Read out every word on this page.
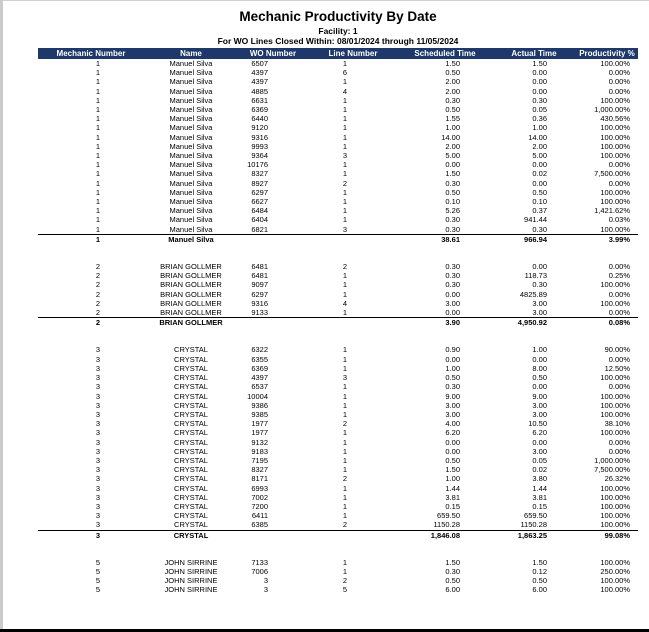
Mechanic Productivity By Date

Facility: 1

For WO Lines Closed Within: 08/01/2024 through 11/05/2024

Mechanic Number	Name	WO Number	Line Number	Scheduled Time	Actual Time	Productivity %
1	Manuel Silva	6507	1	1.50	1.50	100.00%
1	Manuel Silva	4397	6	0.50	0.00	0.00%
1	Manuel Silva	4397	1	2.00	0.00	0.00%
1	Manuel Silva	4885	4	2.00	0.00	0.00%
1	Manuel Silva	6631	1	0.30	0.30	100.00%
1	Manuel Silva	6369	1	0.50	0.05	1,000.00%
1	Manuel Silva	6440	1	1.55	0.36	430.56%
1	Manuel Silva	9120	1	1.00	1.00	100.00%
1	Manuel Silva	9316	1	14.00	14.00	100.00%
1	Manuel Silva	9993	1	2.00	2.00	100.00%
1	Manuel Silva	9364	3	5.00	5.00	100.00%
1	Manuel Silva	10176	1	0.00	0.00	0.00%
1	Manuel Silva	8327	1	1.50	0.02	7,500.00%
1	Manuel Silva	8927	2	0.30	0.00	0.00%
1	Manuel Silva	6297	1	0.50	0.50	100.00%
1	Manuel Silva	6627	1	0.10	0.10	100.00%
1	Manuel Silva	6484	1	5.26	0.37	1,421.62%
1	Manuel Silva	6404	1	0.30	941.44	0.03%
1	Manuel Silva	6821	3	0.30	0.30	100.00%
1	Manuel Silva			38.61	966.94	3.99%

2	BRIAN GOLLMER	6481	2	0.30	0.00	0.00%
2	BRIAN GOLLMER	6481	1	0.30	118.73	0.25%
2	BRIAN GOLLMER	9097	1	0.30	0.30	100.00%
2	BRIAN GOLLMER	6297	1	0.00	4825.89	0.00%
2	BRIAN GOLLMER	9316	4	3.00	3.00	100.00%
2	BRIAN GOLLMER	9133	1	0.00	3.00	0.00%
2	BRIAN GOLLMER			3.90	4,950.92	0.08%

3	CRYSTAL	6322	1	0.90	1.00	90.00%
3	CRYSTAL	6355	1	0.00	0.00	0.00%
3	CRYSTAL	6369	1	1.00	8.00	12.50%
3	CRYSTAL	4397	3	0.50	0.50	100.00%
3	CRYSTAL	6537	1	0.30	0.00	0.00%
3	CRYSTAL	10004	1	9.00	9.00	100.00%
3	CRYSTAL	9386	1	3.00	3.00	100.00%
3	CRYSTAL	9385	1	3.00	3.00	100.00%
3	CRYSTAL	1977	2	4.00	10.50	38.10%
3	CRYSTAL	1977	1	6.20	6.20	100.00%
3	CRYSTAL	9132	1	0.00	0.00	0.00%
3	CRYSTAL	9183	1	0.00	3.00	0.00%
3	CRYSTAL	7195	1	0.50	0.05	1,000.00%
3	CRYSTAL	8327	1	1.50	0.02	7,500.00%
3	CRYSTAL	8171	2	1.00	3.80	26.32%
3	CRYSTAL	6993	1	1.44	1.44	100.00%
3	CRYSTAL	7002	1	3.81	3.81	100.00%
3	CRYSTAL	7200	1	0.15	0.15	100.00%
3	CRYSTAL	6411	1	659.50	659.50	100.00%
3	CRYSTAL	6385	2	1150.28	1150.28	100.00%
3	CRYSTAL			1,846.08	1,863.25	99.08%

5	JOHN SIRRINE	7133	1	1.50	1.50	100.00%
5	JOHN SIRRINE	7006	1	0.30	0.12	250.00%
5	JOHN SIRRINE	3	2	0.50	0.50	100.00%
5	JOHN SIRRINE	3	5	6.00	6.00	100.00%
